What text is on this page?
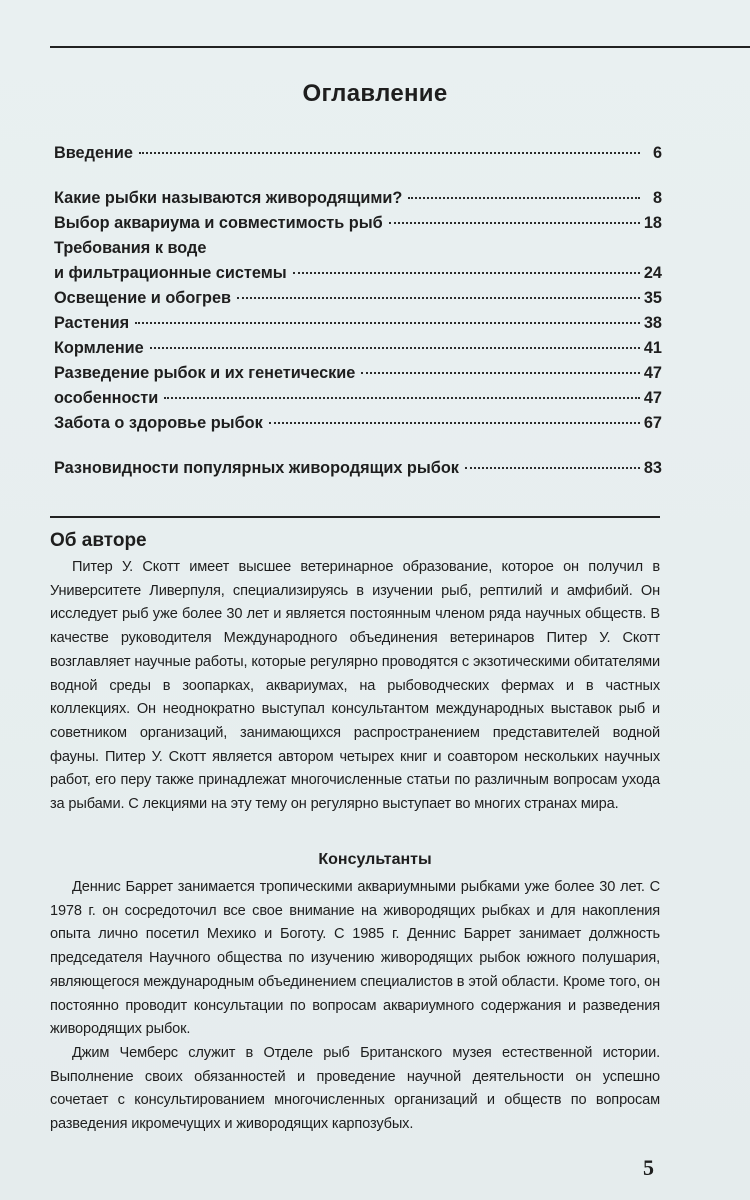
Оглавление
Введение	6
Какие рыбки называются живородящими?	8
Выбор аквариума и совместимость рыб	18
Требования к воде
и фильтрационные системы	24
Освещение и обогрев	35
Растения	38
Кормление	41
Разведение рыбок и их генетические	47
особенности	47
Забота о здоровье рыбок	67
Разновидности популярных живородящих рыбок	83
Об авторе

Питер У. Скотт имеет высшее ветеринарное образование, которое он получил в Университете Ливерпуля, специализируясь в изучении рыб, рептилий и амфибий. Он исследует рыб уже более 30 лет и является постоянным членом ряда научных обществ. В качестве руководителя Международного объединения ветеринаров Питер У. Скотт возглавляет научные работы, которые регулярно проводятся с экзотическими обитателями водной среды в зоопарках, аквариумах, на рыбоводческих фермах и в частных коллекциях. Он неоднократно выступал консультантом международных выставок рыб и советником организаций, занимающихся распространением представителей водной фауны. Питер У. Скотт является автором четырех книг и соавтором нескольких научных работ, его перу также принадлежат многочисленные статьи по различным вопросам ухода за рыбами. С лекциями на эту тему он регулярно выступает во многих странах мира.

Консультанты

Деннис Баррет занимается тропическими аквариумными рыбками уже более 30 лет. С 1978 г. он сосредоточил все свое внимание на живородящих рыбках и для накопления опыта лично посетил Мехико и Боготу. С 1985 г. Деннис Баррет занимает должность председателя Научного общества по изучению живородящих рыбок южного полушария, являющегося международным объединением специалистов в этой области. Кроме того, он постоянно проводит консультации по вопросам аквариумного содержания и разведения живородящих рыбок.

Джим Чемберс служит в Отделе рыб Британского музея естественной истории. Выполнение своих обязанностей и проведение научной деятельности он успешно сочетает с консультированием многочисленных организаций и обществ по вопросам разведения икромечущих и живородящих карпозубых.

5
